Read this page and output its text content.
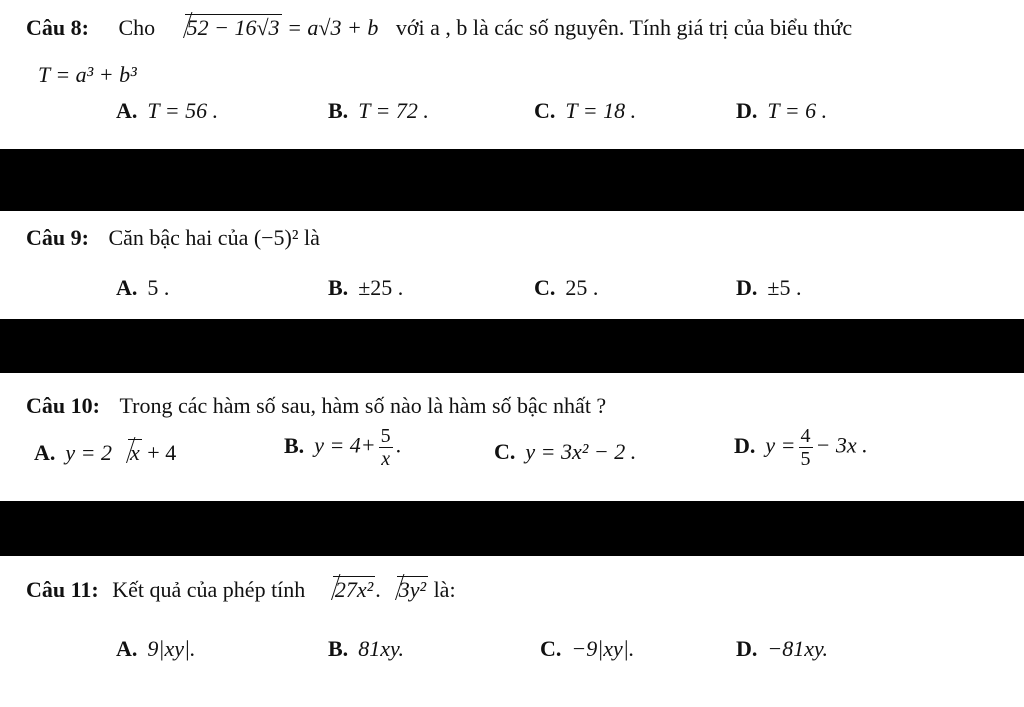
Câu 8: Cho 52 − 16√3 = a√3 + b với a , b là các số nguyên. Tính giá trị của biểu thức
T = a³ + b³
A. T = 56 .	B. T = 72 .	C. T = 18 .	D. T = 6 .
Câu 9: Căn bậc hai của (−5)² là
A. 5 .	B. ±25 .	C. 25 .	D. ±5 .
Câu 10: Trong các hàm số sau, hàm số nào là hàm số bậc nhất ?
A. y = 2 x + 4	B. $y = 4+ \frac{5}{x}$ .	C. y = 3x² − 2 .	D. $y = \frac{4}{5} - 3x$ .
Câu 11: Kết quả của phép tính 27x². 3y² là:
A. 9|xy|.	B. 81xy.	C. −9|xy|.	D. −81xy.
